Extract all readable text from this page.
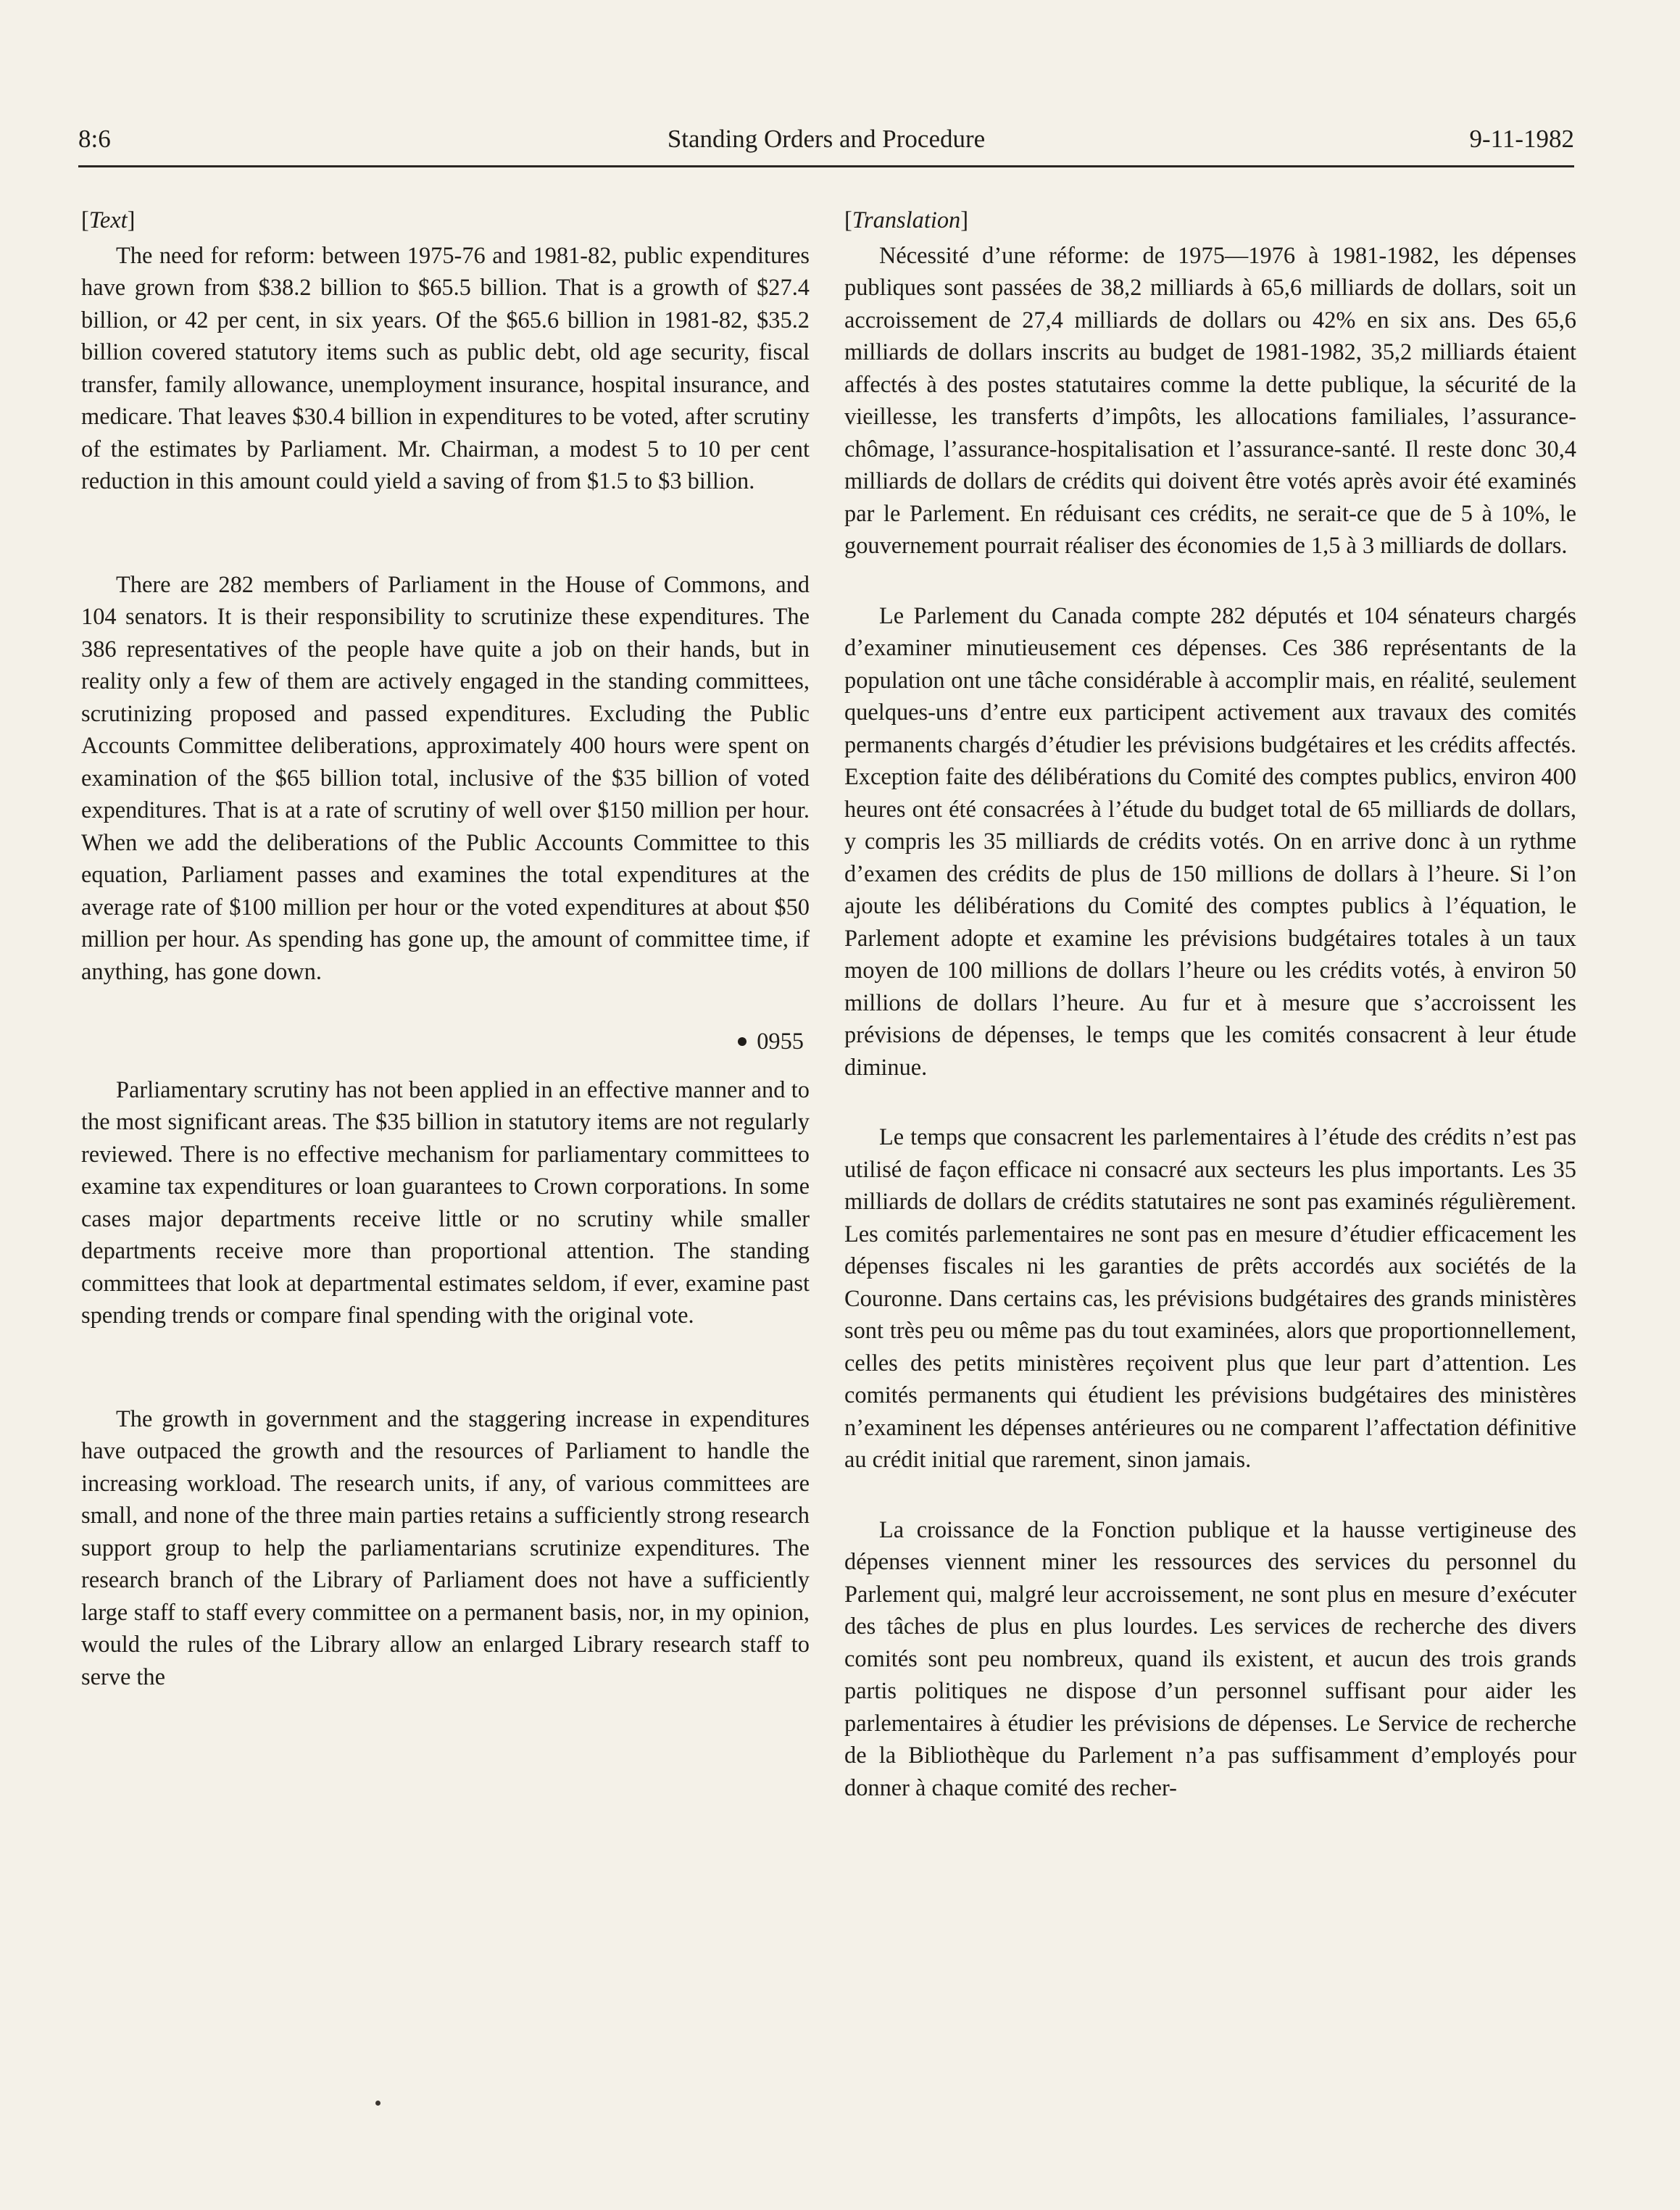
8:6	Standing Orders and Procedure	9-11-1982

[Text]

The need for reform: between 1975-76 and 1981-82, public expenditures have grown from $38.2 billion to $65.5 billion. That is a growth of $27.4 billion, or 42 per cent, in six years. Of the $65.6 billion in 1981-82, $35.2 billion covered statutory items such as public debt, old age security, fiscal transfer, family allowance, unemployment insurance, hospital insurance, and medicare. That leaves $30.4 billion in expenditures to be voted, after scrutiny of the estimates by Parliament. Mr. Chairman, a modest 5 to 10 per cent reduction in this amount could yield a saving of from $1.5 to $3 billion.

There are 282 members of Parliament in the House of Commons, and 104 senators. It is their responsibility to scrutinize these expenditures. The 386 representatives of the people have quite a job on their hands, but in reality only a few of them are actively engaged in the standing committees, scrutinizing proposed and passed expenditures. Excluding the Public Accounts Committee deliberations, approximately 400 hours were spent on examination of the $65 billion total, inclusive of the $35 billion of voted expenditures. That is at a rate of scrutiny of well over $150 million per hour. When we add the deliberations of the Public Accounts Committee to this equation, Parliament passes and examines the total expenditures at the average rate of $100 million per hour or the voted expenditures at about $50 million per hour. As spending has gone up, the amount of committee time, if anything, has gone down.

0955

Parliamentary scrutiny has not been applied in an effective manner and to the most significant areas. The $35 billion in statutory items are not regularly reviewed. There is no effective mechanism for parliamentary committees to examine tax expenditures or loan guarantees to Crown corporations. In some cases major departments receive little or no scrutiny while smaller departments receive more than proportional attention. The standing committees that look at departmental estimates seldom, if ever, examine past spending trends or compare final spending with the original vote.

The growth in government and the staggering increase in expenditures have outpaced the growth and the resources of Parliament to handle the increasing workload. The research units, if any, of various committees are small, and none of the three main parties retains a sufficiently strong research support group to help the parliamentarians scrutinize expenditures. The research branch of the Library of Parliament does not have a sufficiently large staff to staff every committee on a permanent basis, nor, in my opinion, would the rules of the Library allow an enlarged Library research staff to serve the

[Translation]

Nécessité d’une réforme: de 1975—1976 à 1981-1982, les dépenses publiques sont passées de 38,2 milliards à 65,6 milliards de dollars, soit un accroissement de 27,4 milliards de dollars ou 42% en six ans. Des 65,6 milliards de dollars inscrits au budget de 1981-1982, 35,2 milliards étaient affectés à des postes statutaires comme la dette publique, la sécurité de la vieillesse, les transferts d’impôts, les allocations familiales, l’assurance-chômage, l’assurance-hospitalisation et l’assurance-santé. Il reste donc 30,4 milliards de dollars de crédits qui doivent être votés après avoir été examinés par le Parlement. En réduisant ces crédits, ne serait-ce que de 5 à 10%, le gouvernement pourrait réaliser des économies de 1,5 à 3 milliards de dollars.

Le Parlement du Canada compte 282 députés et 104 sénateurs chargés d’examiner minutieusement ces dépenses. Ces 386 représentants de la population ont une tâche considérable à accomplir mais, en réalité, seulement quelques-uns d’entre eux participent activement aux travaux des comités permanents chargés d’étudier les prévisions budgétaires et les crédits affectés. Exception faite des délibérations du Comité des comptes publics, environ 400 heures ont été consacrées à l’étude du budget total de 65 milliards de dollars, y compris les 35 milliards de crédits votés. On en arrive donc à un rythme d’examen des crédits de plus de 150 millions de dollars à l’heure. Si l’on ajoute les délibérations du Comité des comptes publics à l’équation, le Parlement adopte et examine les prévisions budgétaires totales à un taux moyen de 100 millions de dollars l’heure ou les crédits votés, à environ 50 millions de dollars l’heure. Au fur et à mesure que s’accroissent les prévisions de dépenses, le temps que les comités consacrent à leur étude diminue.

Le temps que consacrent les parlementaires à l’étude des crédits n’est pas utilisé de façon efficace ni consacré aux secteurs les plus importants. Les 35 milliards de dollars de crédits statutaires ne sont pas examinés régulièrement. Les comités parlementaires ne sont pas en mesure d’étudier efficacement les dépenses fiscales ni les garanties de prêts accordés aux sociétés de la Couronne. Dans certains cas, les prévisions budgétaires des grands ministères sont très peu ou même pas du tout examinées, alors que proportionnellement, celles des petits ministères reçoivent plus que leur part d’attention. Les comités permanents qui étudient les prévisions budgétaires des ministères n’examinent les dépenses antérieures ou ne comparent l’affectation définitive au crédit initial que rarement, sinon jamais.

La croissance de la Fonction publique et la hausse vertigineuse des dépenses viennent miner les ressources des services du personnel du Parlement qui, malgré leur accroissement, ne sont plus en mesure d’exécuter des tâches de plus en plus lourdes. Les services de recherche des divers comités sont peu nombreux, quand ils existent, et aucun des trois grands partis politiques ne dispose d’un personnel suffisant pour aider les parlementaires à étudier les prévisions de dépenses. Le Service de recherche de la Bibliothèque du Parlement n’a pas suffisamment d’employés pour donner à chaque comité des recher-
